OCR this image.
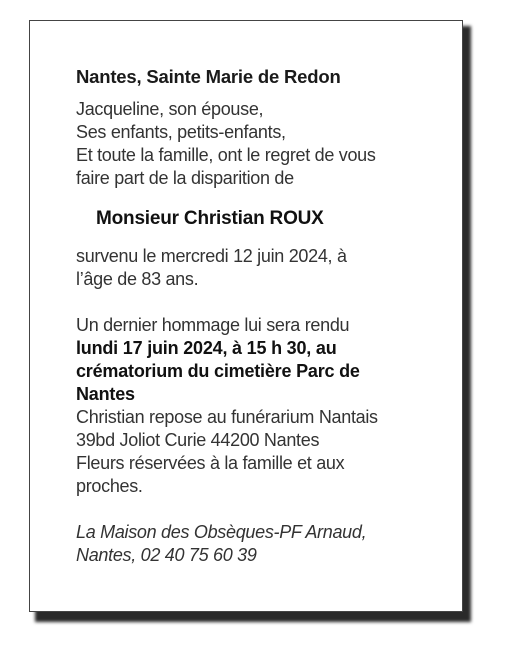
Nantes, Sainte Marie de Redon

Jacqueline, son épouse,
Ses enfants, petits-enfants,
Et toute la famille, ont le regret de vous
faire part de la disparition de

Monsieur Christian ROUX

survenu le mercredi 12 juin 2024, à
l’âge de 83 ans.

Un dernier hommage lui sera rendu
lundi 17 juin 2024, à 15 h 30, au
crématorium du cimetière Parc de
Nantes
Christian repose au funérarium Nantais
39bd Joliot Curie 44200 Nantes
Fleurs réservées à la famille et aux
proches.

La Maison des Obsèques-PF Arnaud,
Nantes, 02 40 75 60 39
